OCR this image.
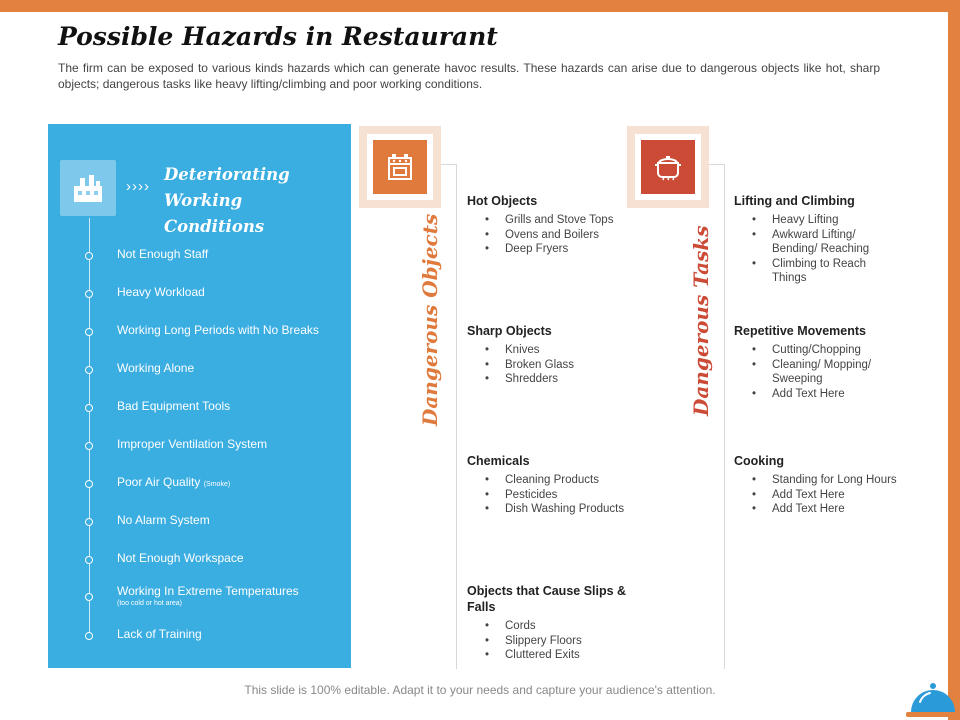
Possible Hazards in Restaurant

The firm can be exposed to various kinds hazards which can generate havoc results. These hazards can arise due to dangerous objects like hot, sharp objects; dangerous tasks like heavy lifting/climbing and poor working conditions.

››››
Deteriorating
Working Conditions
Not Enough Staff
Heavy Workload
Working Long Periods with No Breaks
Working Alone
Bad Equipment Tools
Improper Ventilation System
Poor Air Quality (Smoke)
No Alarm System
Not Enough Workspace
Working In Extreme Temperatures
(too cold or hot area)
Lack of Training
Dangerous Objects
Hot Objects
• Grills and Stove Tops
• Ovens and Boilers
• Deep Fryers
Sharp Objects
• Knives
• Broken Glass
• Shredders
Chemicals
• Cleaning Products
• Pesticides
• Dish Washing Products
Objects that Cause Slips & Falls
• Cords
• Slippery Floors
• Cluttered Exits
Dangerous Tasks
Lifting and Climbing
• Heavy Lifting
• Awkward Lifting/ Bending/ Reaching
• Climbing to Reach Things
Repetitive Movements
• Cutting/Chopping
• Cleaning/ Mopping/ Sweeping
• Add Text Here
Cooking
• Standing for Long Hours
• Add Text Here
• Add Text Here
This slide is 100% editable. Adapt it to your needs and capture your audience's attention.
